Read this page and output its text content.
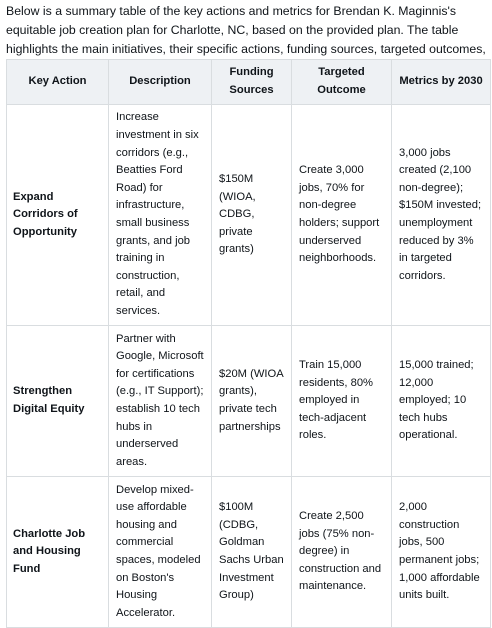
Below is a summary table of the key actions and metrics for Brendan K. Maginnis's equitable job creation plan for Charlotte, NC, based on the provided plan. The table highlights the main initiatives, their specific actions, funding sources, targeted outcomes,

Key Action	Description	Funding Sources	Targeted Outcome	Metrics by 2030
Expand Corridors of Opportunity	Increase investment in six corridors (e.g., Beatties Ford Road) for infrastructure, small business grants, and job training in construction, retail, and services.	$150M (WIOA, CDBG, private grants)	Create 3,000 jobs, 70% for non-degree holders; support underserved neighborhoods.	3,000 jobs created (2,100 non-degree); $150M invested; unemployment reduced by 3% in targeted corridors.
Strengthen Digital Equity	Partner with Google, Microsoft for certifications (e.g., IT Support); establish 10 tech hubs in underserved areas.	$20M (WIOA grants), private tech partnerships	Train 15,000 residents, 80% employed in tech-adjacent roles.	15,000 trained; 12,000 employed; 10 tech hubs operational.
Charlotte Job and Housing Fund	Develop mixed-use affordable housing and commercial spaces, modeled on Boston's Housing Accelerator.	$100M (CDBG, Goldman Sachs Urban Investment Group)	Create 2,500 jobs (75% non-degree) in construction and maintenance.	2,000 construction jobs, 500 permanent jobs; 1,000 affordable units built.
